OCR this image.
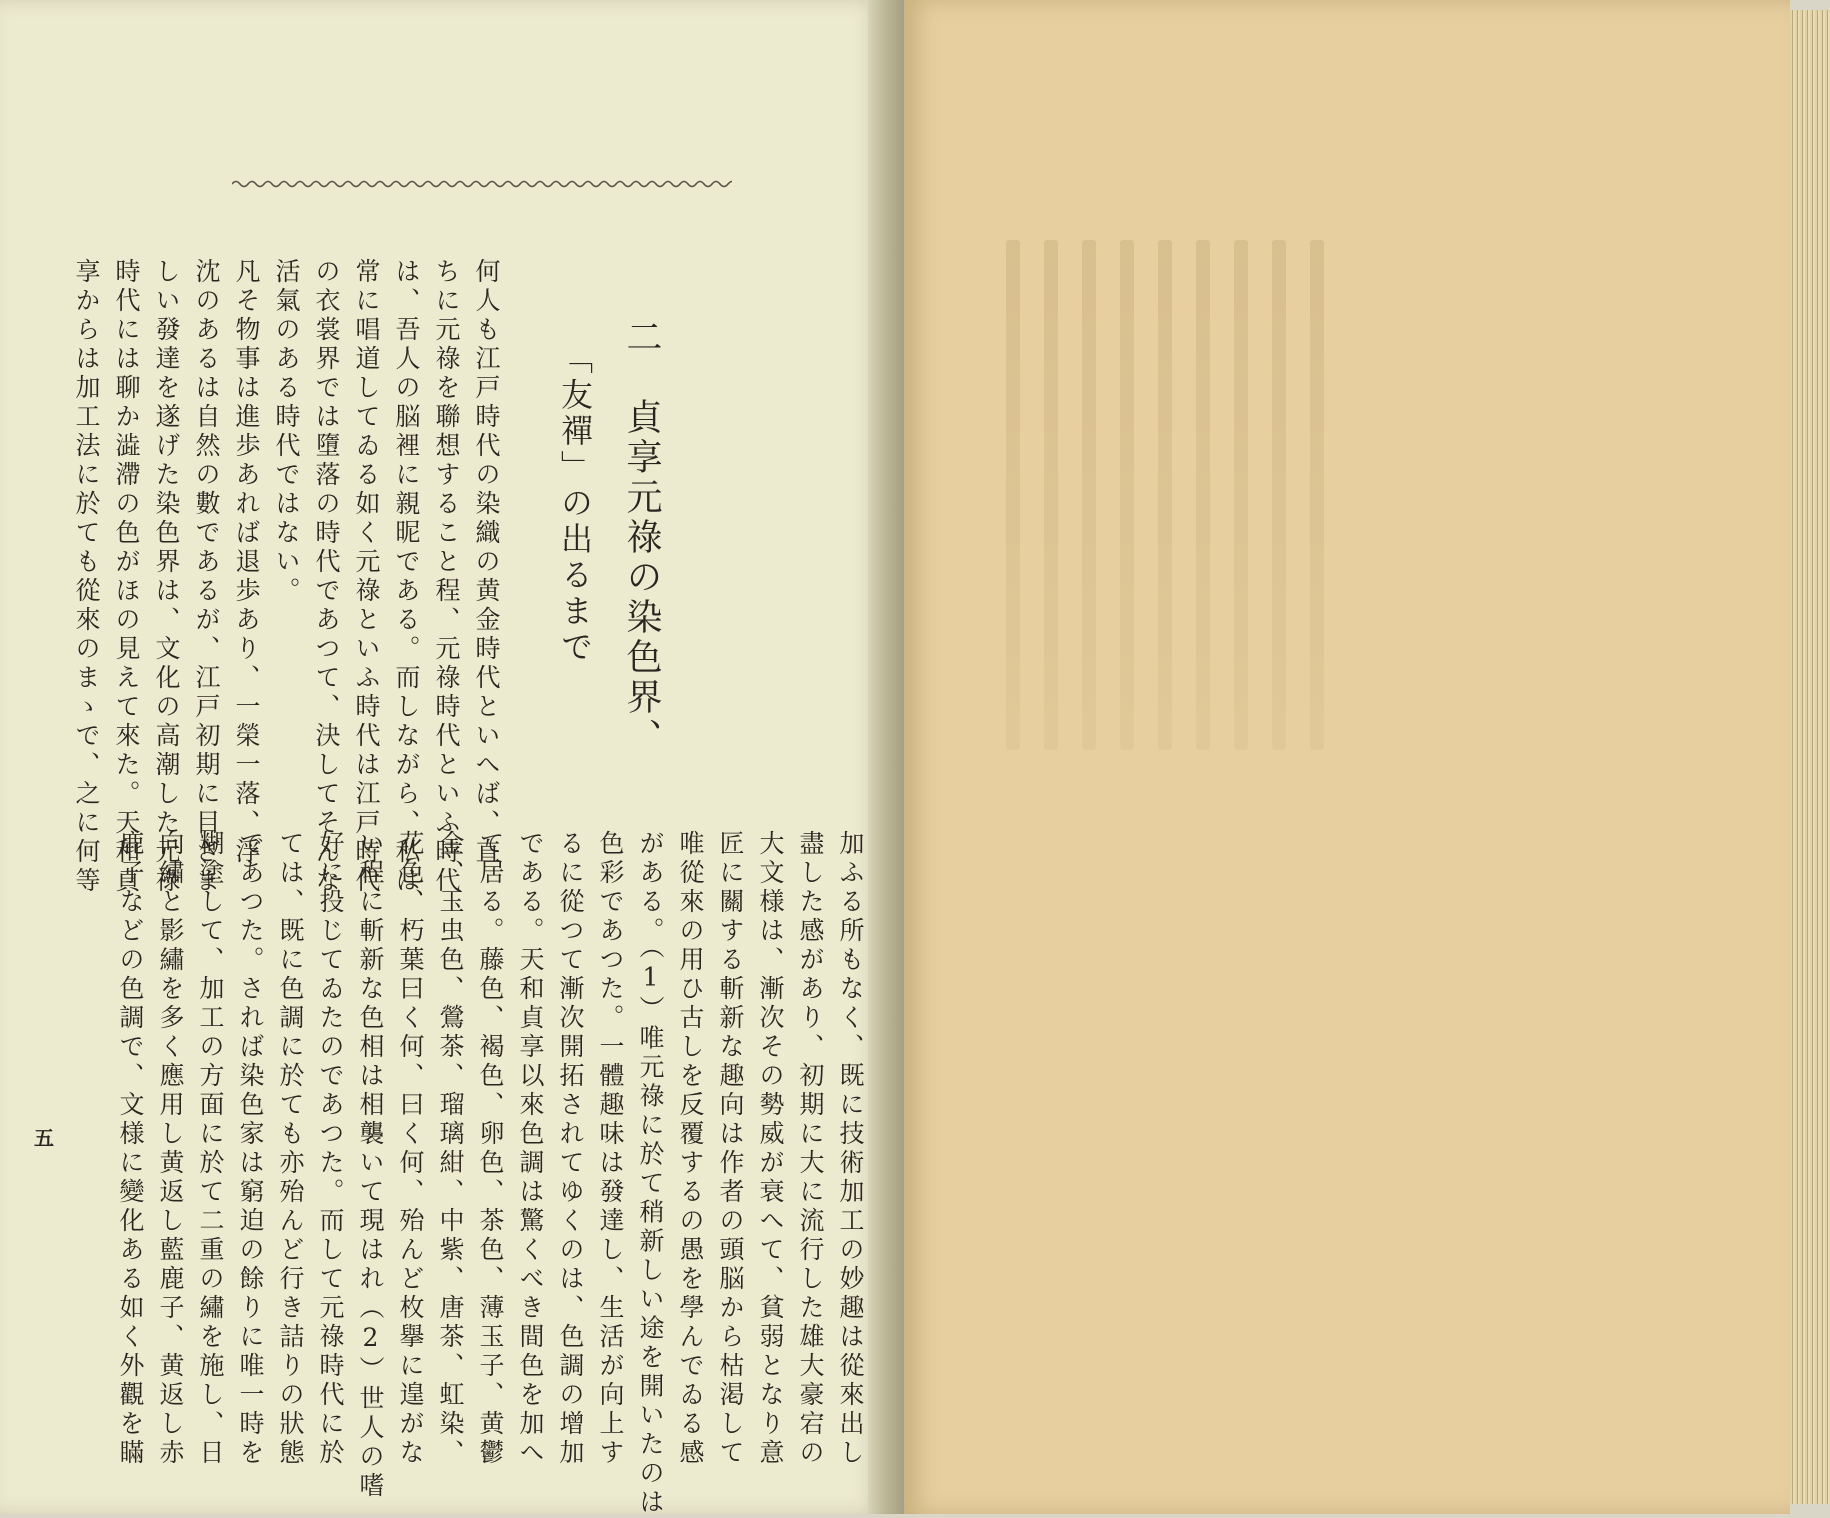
二　貞享元祿の染色界、
　「友禪」の出るまで
何人も江戸時代の染織の黄金時代といへば、直
ちに元祿を聯想すること程、元祿時代といふ時代
は、吾人の脳裡に親昵である。而しながら、私は
常に唱道してゐる如く元祿といふ時代は江戸時代
の衣裳界では墮落の時代であつて、決してそんな
活氣のある時代ではない。
凡そ物事は進歩あれば退歩あり、一榮一落、浮
沈のあるは自然の數であるが、江戸初期に目ざま
しい發達を遂げた染色界は、文化の高潮した元祿
時代には聊か澁滯の色がほの見えて來た。天和貞
享からは加工法に於ても從來のまゝで、之に何等
加ふる所もなく、既に技術加工の妙趣は從來出し
盡した感があり、初期に大に流行した雄大豪宕の
大文様は、漸次その勢威が衰へて、貧弱となり意
匠に關する斬新な趣向は作者の頭脳から枯渇して
唯從來の用ひ古しを反覆するの愚を學んでゐる感
がある。（1）唯元祿に於て稍新しい途を開いたのは
色彩であつた。一體趣味は發達し、生活が向上す
るに從つて漸次開拓されてゆくのは、色調の增加
である。天和貞享以來色調は驚くべき間色を加へ
て居る。藤色、褐色、卵色、茶色、薄玉子、黄鬱
金、玉虫色、鶯茶、瑠璃紺、中紫、唐茶、虹染、
花色、朽葉曰く何、曰く何、殆んど枚擧に遑がな
い程に斬新な色相は相襲いて現はれ（2）世人の嗜
好に投じてゐたのであつた。而して元祿時代に於
ては、既に色調に於ても亦殆んど行き詰りの狀態
であつた。されば染色家は窮迫の餘りに唯一時を
糊塗して、加工の方面に於て二重の繡を施し、日
向繡と影繡を多く應用し黄返し藍鹿子、黄返し赤
鹿子などの色調で、文様に變化ある如く外觀を瞞
五
